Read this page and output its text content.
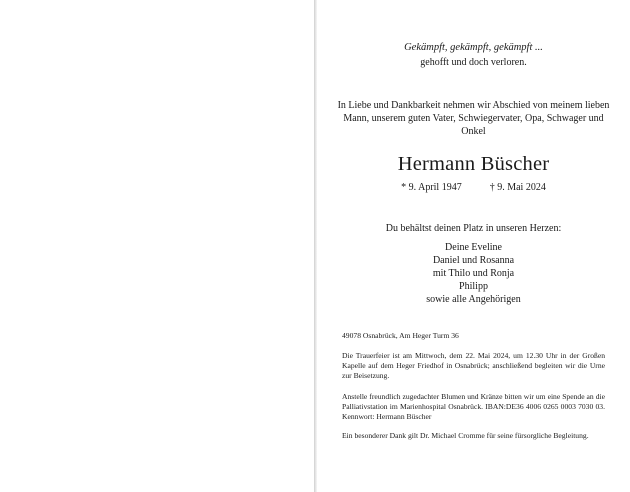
Gekämpft, gekämpft, gekämpft ...
gehofft und doch verloren.
In Liebe und Dankbarkeit nehmen wir Abschied von meinem lieben Mann, unserem guten Vater, Schwiegervater, Opa, Schwager und Onkel
Hermann Büscher
* 9. April 1947	† 9. Mai 2024
Du behältst deinen Platz in unseren Herzen:
Deine Eveline
Daniel und Rosanna
mit Thilo und Ronja
Philipp
sowie alle Angehörigen
49078 Osnabrück, Am Heger Turm 36
Die Trauerfeier ist am Mittwoch, dem 22. Mai 2024, um 12.30 Uhr in der Großen Kapelle auf dem Heger Friedhof in Osnabrück; anschließend begleiten wir die Urne zur Beisetzung.
Anstelle freundlich zugedachter Blumen und Kränze bitten wir um eine Spende an die Palliativstation im Marienhospital Osnabrück. IBAN:DE36 4006 0265 0003 7030 03. Kennwort: Hermann Büscher
Ein besonderer Dank gilt Dr. Michael Cromme für seine fürsorgliche Begleitung.
